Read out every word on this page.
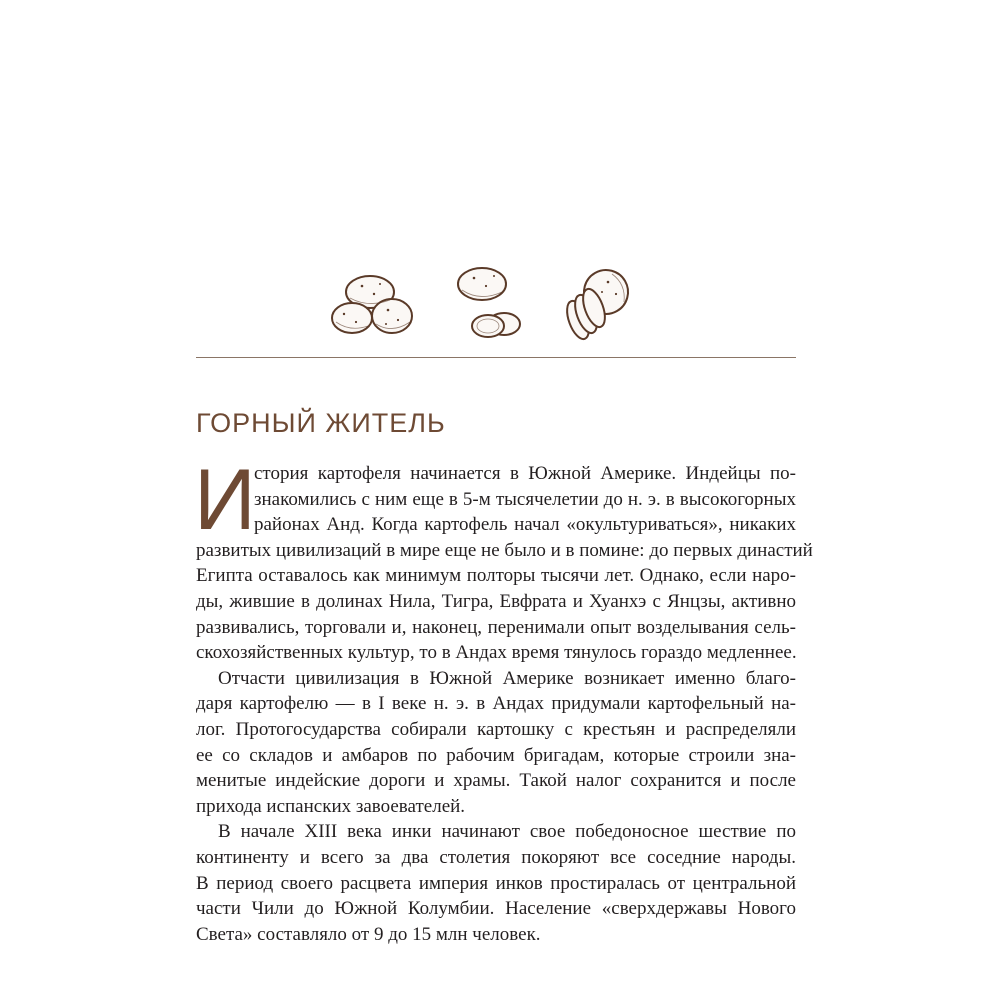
ГОРНЫЙ ЖИТЕЛЬ
И
стория картофеля начинается в Южной Америке. Индейцы по-
знакомились с ним еще в 5-м тысячелетии до н. э. в высокогорных
районах Анд. Когда картофель начал «окультуриваться», никаких
развитых цивилизаций в мире еще не было и в помине: до первых династий
Египта оставалось как минимум полторы тысячи лет. Однако, если наро-
ды, жившие в долинах Нила, Тигра, Евфрата и Хуанхэ с Янцзы, активно
развивались, торговали и, наконец, перенимали опыт возделывания сель-
скохозяйственных культур, то в Андах время тянулось гораздо медленнее.
Отчасти цивилизация в Южной Америке возникает именно благо-
даря картофелю — в I веке н. э. в Андах придумали картофельный на-
лог. Протогосударства собирали картошку с крестьян и распределяли
ее со складов и амбаров по рабочим бригадам, которые строили зна-
менитые индейские дороги и храмы. Такой налог сохранится и после
прихода испанских завоевателей.
В начале XIII века инки начинают свое победоносное шествие по
континенту и всего за два столетия покоряют все соседние народы.
В период своего расцвета империя инков простиралась от центральной
части Чили до Южной Колумбии. Население «сверхдержавы Нового
Света» составляло от 9 до 15 млн человек.
